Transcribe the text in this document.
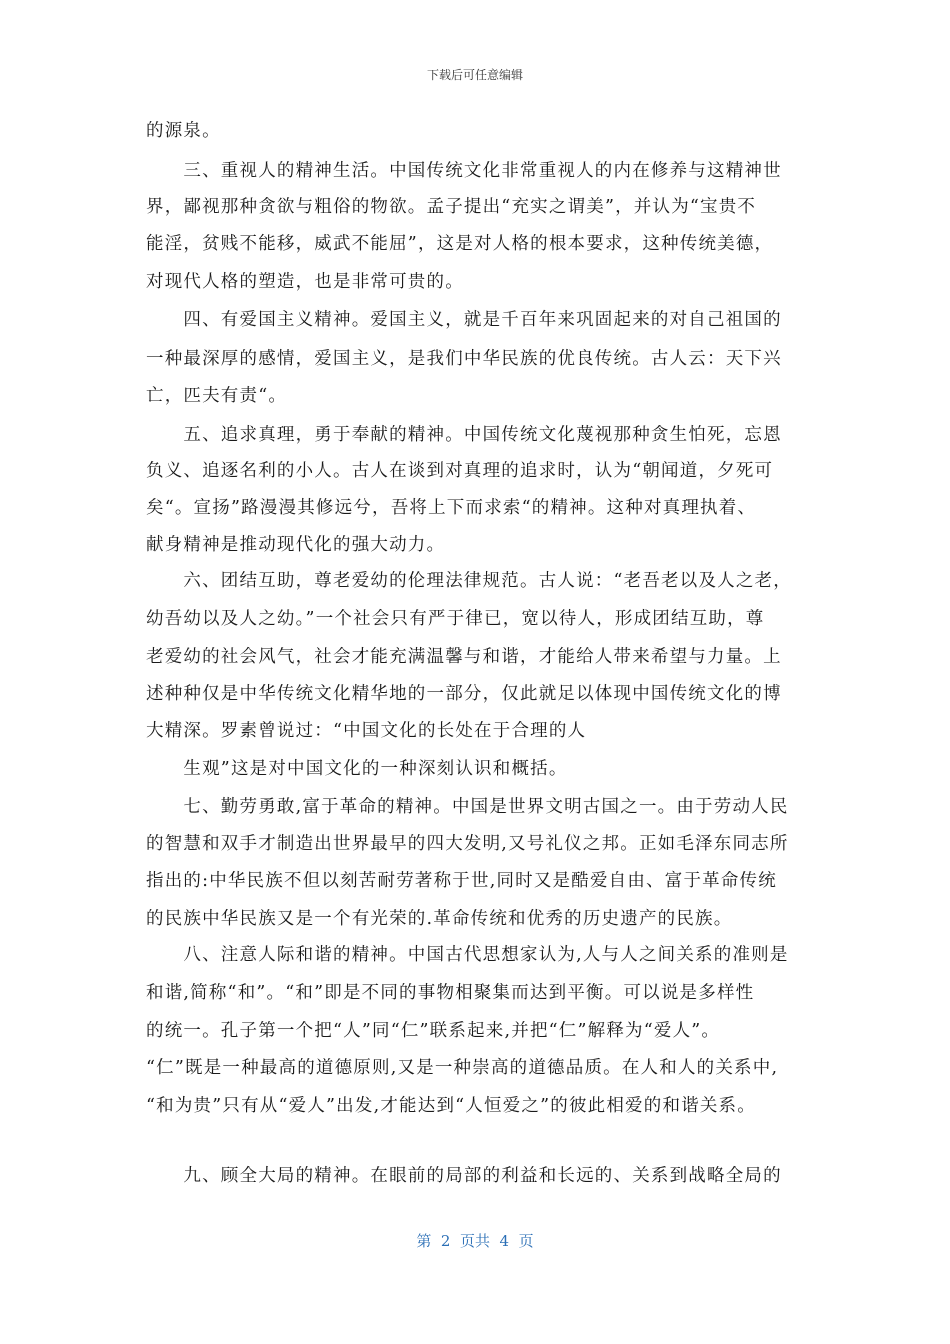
下载后可任意编辑
的源泉。
　　三、重视人的精神生活。中国传统文化非常重视人的内在修养与这精神世
界，鄙视那种贪欲与粗俗的物欲。孟子提出“充实之谓美”，并认为“宝贵不
能淫，贫贱不能移，威武不能屈”，这是对人格的根本要求，这种传统美德，
对现代人格的塑造，也是非常可贵的。
　　四、有爱国主义精神。爱国主义，就是千百年来巩固起来的对自己祖国的
一种最深厚的感情，爱国主义，是我们中华民族的优良传统。古人云：天下兴
亡，匹夫有责“。
　　五、追求真理，勇于奉献的精神。中国传统文化蔑视那种贪生怕死，忘恩
负义、追逐名利的小人。古人在谈到对真理的追求时，认为“朝闻道，夕死可
矣“。宣扬”路漫漫其修远兮，吾将上下而求索“的精神。这种对真理执着、
献身精神是推动现代化的强大动力。
　　六、团结互助，尊老爱幼的伦理法律规范。古人说：“老吾老以及人之老，
幼吾幼以及人之幼。”一个社会只有严于律已，宽以待人，形成团结互助，尊
老爱幼的社会风气，社会才能充满温馨与和谐，才能给人带来希望与力量。上
述种种仅是中华传统文化精华地的一部分，仅此就足以体现中国传统文化的博
大精深。罗素曾说过：“中国文化的长处在于合理的人
　　生观”这是对中国文化的一种深刻认识和概括。
　　七、勤劳勇敢,富于革命的精神。中国是世界文明古国之一。由于劳动人民
的智慧和双手才制造出世界最早的四大发明,又号礼仪之邦。正如毛泽东同志所
指出的:中华民族不但以刻苦耐劳著称于世,同时又是酷爱自由、富于革命传统
的民族中华民族又是一个有光荣的.革命传统和优秀的历史遗产的民族。
　　八、注意人际和谐的精神。中国古代思想家认为,人与人之间关系的准则是
和谐,简称“和”。“和”即是不同的事物相聚集而达到平衡。可以说是多样性
的统一。孔子第一个把“人”同“仁”联系起来,并把“仁”解释为“爱人”。
“仁”既是一种最高的道德原则,又是一种崇高的道德品质。在人和人的关系中,
“和为贵”只有从“爱人”出发,才能达到“人恒爱之”的彼此相爱的和谐关系。
　　九、顾全大局的精神。在眼前的局部的利益和长远的、关系到战略全局的
第  2  页共  4  页
